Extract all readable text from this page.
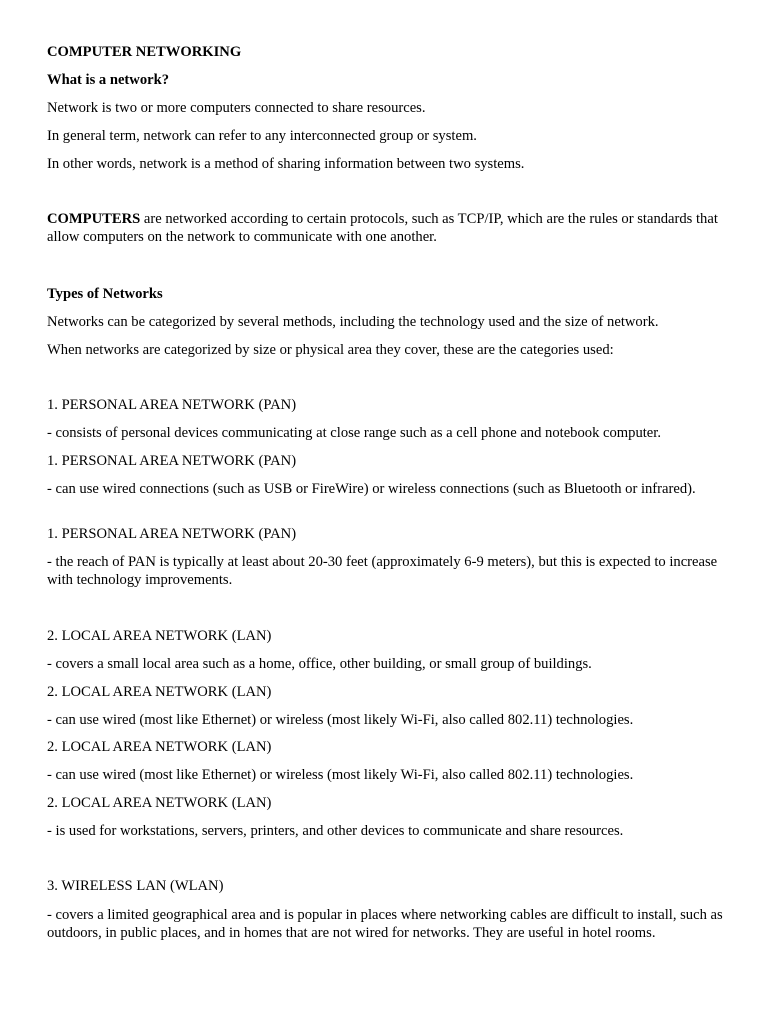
COMPUTER NETWORKING

What is a network?

Network is two or more computers connected to share resources.

In general term, network can refer to any interconnected group or system.

In other words, network is a method of sharing information between two systems.

COMPUTERS are networked according to certain protocols, such as TCP/IP, which are the rules or standards that allow computers on the network to communicate with one another.

Types of Networks

Networks can be categorized by several methods, including the technology used and the size of network.

When networks are categorized by size or physical area they cover, these are the categories used:

1. PERSONAL AREA NETWORK (PAN)

- consists of personal devices communicating at close range such as a cell phone and notebook computer.

1. PERSONAL AREA NETWORK (PAN)

- can use wired connections (such as USB or FireWire) or wireless connections (such as Bluetooth or infrared).

1. PERSONAL AREA NETWORK (PAN)

- the reach of PAN is typically at least about 20-30 feet (approximately 6-9 meters), but this is expected to increase with technology improvements.

2. LOCAL AREA NETWORK (LAN)

- covers a small local area such as a home, office, other building, or small group of buildings.

2. LOCAL AREA NETWORK (LAN)

- can use wired (most like Ethernet) or wireless (most likely Wi-Fi, also called 802.11) technologies.

2. LOCAL AREA NETWORK (LAN)

- can use wired (most like Ethernet) or wireless (most likely Wi-Fi, also called 802.11) technologies.

2. LOCAL AREA NETWORK (LAN)

- is used for workstations, servers, printers, and other devices to communicate and share resources.

3. WIRELESS LAN (WLAN)

- covers a limited geographical area and is popular in places where networking cables are difficult to install, such as outdoors, in public places, and in homes that are not wired for networks. They are useful in hotel rooms.
